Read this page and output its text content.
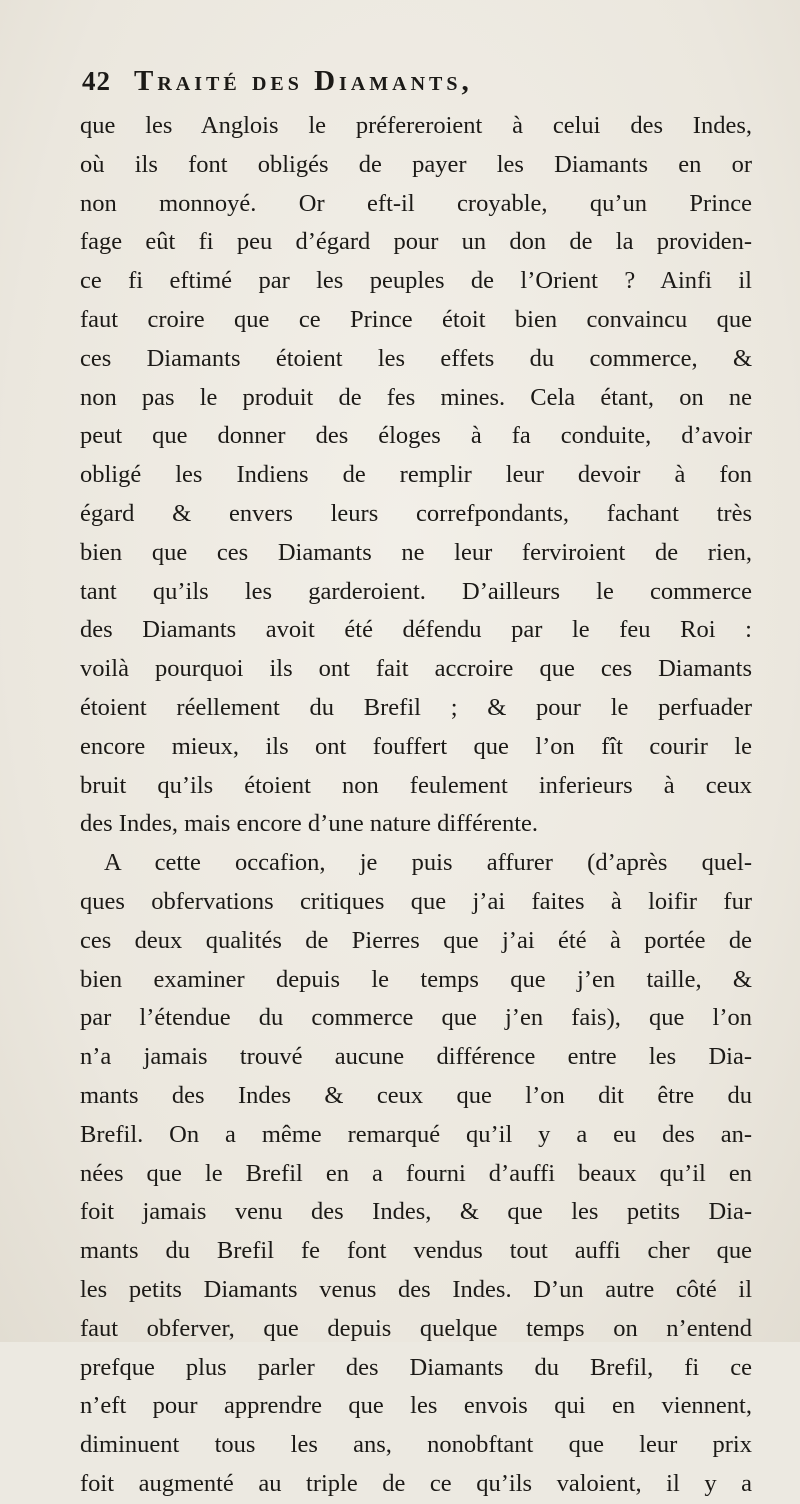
42 Traité des Diamants,
que les Anglois le préfereroient à celui des Indes,
où ils font obligés de payer les Diamants en or
non monnoyé. Or eft-il croyable, qu’un Prince
fage eût fi peu d’égard pour un don de la providen-
ce fi eftimé par les peuples de l’Orient ? Ainfi il
faut croire que ce Prince étoit bien convaincu que
ces Diamants étoient les effets du commerce, &
non pas le produit de fes mines. Cela étant, on ne
peut que donner des éloges à fa conduite, d’avoir
obligé les Indiens de remplir leur devoir à fon
égard & envers leurs correfpondants, fachant très
bien que ces Diamants ne leur ferviroient de rien,
tant qu’ils les garderoient. D’ailleurs le commerce
des Diamants avoit été défendu par le feu Roi :
voilà pourquoi ils ont fait accroire que ces Diamants
étoient réellement du Brefil ; & pour le perfuader
encore mieux, ils ont fouffert que l’on fît courir le
bruit qu’ils étoient non feulement inferieurs à ceux
des Indes, mais encore d’une nature différente.
A cette occafion, je puis affurer (d’après quel-
ques obfervations critiques que j’ai faites à loifir fur
ces deux qualités de Pierres que j’ai été à portée de
bien examiner depuis le temps que j’en taille, &
par l’étendue du commerce que j’en fais), que l’on
n’a jamais trouvé aucune différence entre les Dia-
mants des Indes & ceux que l’on dit être du
Brefil. On a même remarqué qu’il y a eu des an-
nées que le Brefil en a fourni d’auffi beaux qu’il en
foit jamais venu des Indes, & que les petits Dia-
mants du Brefil fe font vendus tout auffi cher que
les petits Diamants venus des Indes. D’un autre côté il
faut obferver, que depuis quelque temps on n’entend
prefque plus parler des Diamants du Brefil, fi ce
n’eft pour apprendre que les envois qui en viennent,
diminuent tous les ans, nonobftant que leur prix
foit augmenté au triple de ce qu’ils valoient, il y a
